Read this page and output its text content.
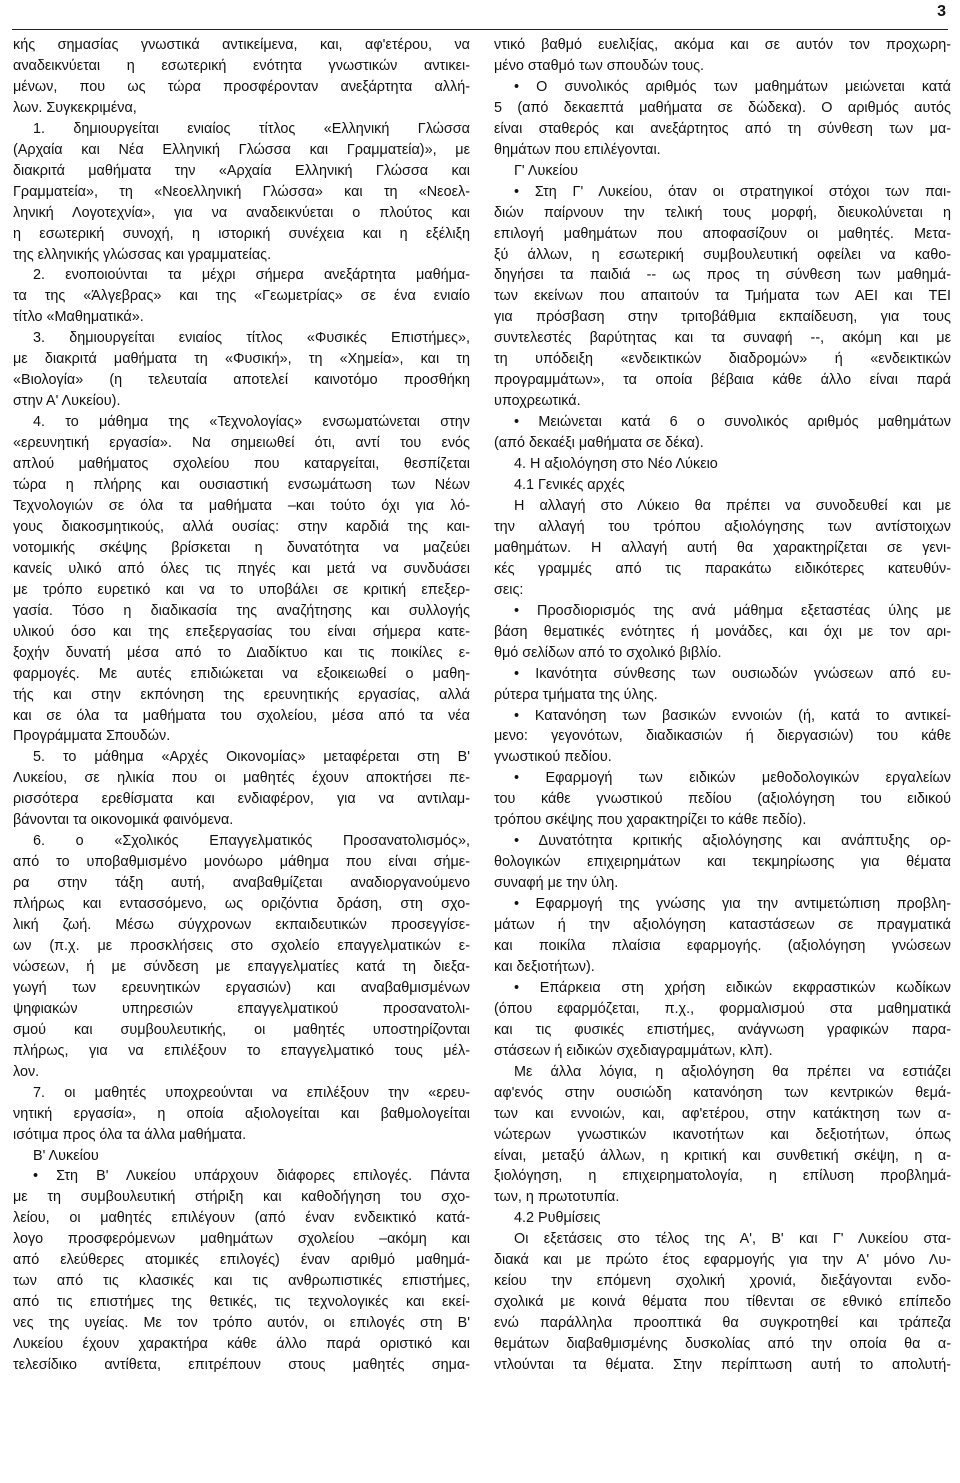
3
κής σημασίας γνωστικά αντικείμενα, και, αφ'ετέρου, να
αναδεικνύεται η εσωτερική ενότητα γνωστικών αντικει-
μένων, που ως τώρα προσφέρονταν ανεξάρτητα αλλή-
λων. Συγκεκριμένα,
1. δημιουργείται ενιαίος τίτλος «Ελληνική Γλώσσα
(Αρχαία και Νέα Ελληνική Γλώσσα και Γραμματεία)», με
διακριτά μαθήματα την «Αρχαία Ελληνική Γλώσσα και
Γραμματεία», τη «Νεοελληνική Γλώσσα» και τη «Νεοελ-
ληνική Λογοτεχνία», για να αναδεικνύεται ο πλούτος και
η εσωτερική συνοχή, η ιστορική συνέχεια και η εξέλιξη
της ελληνικής γλώσσας και γραμματείας.
2. ενοποιούνται τα μέχρι σήμερα ανεξάρτητα μαθήμα-
τα της «Άλγεβρας» και της «Γεωμετρίας» σε ένα ενιαίο
τίτλο «Μαθηματικά».
3. δημιουργείται ενιαίος τίτλος «Φυσικές Επιστήμες»,
με διακριτά μαθήματα τη «Φυσική», τη «Χημεία», και τη
«Βιολογία» (η τελευταία αποτελεί καινοτόμο προσθήκη
στην Α' Λυκείου).
4. το μάθημα της «Τεχνολογίας» ενσωματώνεται στην
«ερευνητική εργασία». Να σημειωθεί ότι, αντί του ενός
απλού μαθήματος σχολείου που καταργείται, θεσπίζεται
τώρα η πλήρης και ουσιαστική ενσωμάτωση των Νέων
Τεχνολογιών σε όλα τα μαθήματα –και τούτο όχι για λό-
γους διακοσμητικούς, αλλά ουσίας: στην καρδιά της και-
νοτομικής σκέψης βρίσκεται η δυνατότητα να μαζεύει
κανείς υλικό από όλες τις πηγές και μετά να συνδυάσει
με τρόπο ευρετικό και να το υποβάλει σε κριτική επεξερ-
γασία. Τόσο η διαδικασία της αναζήτησης και συλλογής
υλικού όσο και της επεξεργασίας του είναι σήμερα κατε-
ξοχήν δυνατή μέσα από το Διαδίκτυο και τις ποικίλες ε-
φαρμογές. Με αυτές επιδιώκεται να εξοικειωθεί ο μαθη-
τής και στην εκπόνηση της ερευνητικής εργασίας, αλλά
και σε όλα τα μαθήματα του σχολείου, μέσα από τα νέα
Προγράμματα Σπουδών.
5. το μάθημα «Αρχές Οικονομίας» μεταφέρεται στη Β'
Λυκείου, σε ηλικία που οι μαθητές έχουν αποκτήσει πε-
ρισσότερα ερεθίσματα και ενδιαφέρον, για να αντιλαμ-
βάνονται τα οικονομικά φαινόμενα.
6. ο «Σχολικός Επαγγελματικός Προσανατολισμός»,
από το υποβαθμισμένο μονόωρο μάθημα που είναι σήμε-
ρα στην τάξη αυτή, αναβαθμίζεται αναδιοργανούμενο
πλήρως και εντασσόμενο, ως οριζόντια δράση, στη σχο-
λική ζωή. Μέσω σύγχρονων εκπαιδευτικών προσεγγίσε-
ων (π.χ. με προσκλήσεις στο σχολείο επαγγελματικών ε-
νώσεων, ή με σύνδεση με επαγγελματίες κατά τη διεξα-
γωγή των ερευνητικών εργασιών) και αναβαθμισμένων
ψηφιακών υπηρεσιών επαγγελματικού προσανατολι-
σμού και συμβουλευτικής, οι μαθητές υποστηρίζονται
πλήρως, για να επιλέξουν το επαγγελματικό τους μέλ-
λον.
7. οι μαθητές υποχρεούνται να επιλέξουν την «ερευ-
νητική εργασία», η οποία αξιολογείται και βαθμολογείται
ισότιμα προς όλα τα άλλα μαθήματα.
Β' Λυκείου
• Στη Β' Λυκείου υπάρχουν διάφορες επιλογές. Πάντα
με τη συμβουλευτική στήριξη και καθοδήγηση του σχο-
λείου, οι μαθητές επιλέγουν (από έναν ενδεικτικό κατά-
λογο προσφερόμενων μαθημάτων σχολείου –ακόμη και
από ελεύθερες ατομικές επιλογές) έναν αριθμό μαθημά-
των από τις κλασικές και τις ανθρωπιστικές επιστήμες,
από τις επιστήμες της θετικές, τις τεχνολογικές και εκεί-
νες της υγείας. Με τον τρόπο αυτόν, οι επιλογές στη Β'
Λυκείου έχουν χαρακτήρα κάθε άλλο παρά οριστικό και
τελεσίδικο αντίθετα, επιτρέπουν στους μαθητές σημα-
ντικό βαθμό ευελιξίας, ακόμα και σε αυτόν τον προχωρη-
μένο σταθμό των σπουδών τους.
• Ο συνολικός αριθμός των μαθημάτων μειώνεται κατά
5 (από δεκαεπτά μαθήματα σε δώδεκα). Ο αριθμός αυτός
είναι σταθερός και ανεξάρτητος από τη σύνθεση των μα-
θημάτων που επιλέγονται.
Γ' Λυκείου
• Στη Γ' Λυκείου, όταν οι στρατηγικοί στόχοι των παι-
διών παίρνουν την τελική τους μορφή, διευκολύνεται η
επιλογή μαθημάτων που αποφασίζουν οι μαθητές. Μετα-
ξύ άλλων, η εσωτερική συμβουλευτική οφείλει να καθο-
δηγήσει τα παιδιά -- ως προς τη σύνθεση των μαθημά-
των εκείνων που απαιτούν τα Τμήματα των ΑΕΙ και ΤΕΙ
για πρόσβαση στην τριτοβάθμια εκπαίδευση, για τους
συντελεστές βαρύτητας και τα συναφή --, ακόμη και με
τη υπόδειξη «ενδεικτικών διαδρομών» ή «ενδεικτικών
προγραμμάτων», τα οποία βέβαια κάθε άλλο είναι παρά
υποχρεωτικά.
• Μειώνεται κατά 6 ο συνολικός αριθμός μαθημάτων
(από δεκαέξι μαθήματα σε δέκα).
4. Η αξιολόγηση στο Νέο Λύκειο
4.1 Γενικές αρχές
Η αλλαγή στο Λύκειο θα πρέπει να συνοδευθεί και με
την αλλαγή του τρόπου αξιολόγησης των αντίστοιχων
μαθημάτων. Η αλλαγή αυτή θα χαρακτηρίζεται σε γενι-
κές γραμμές από τις παρακάτω ειδικότερες κατευθύν-
σεις:
• Προσδιορισμός της ανά μάθημα εξεταστέας ύλης με
βάση θεματικές ενότητες ή μονάδες, και όχι με τον αρι-
θμό σελίδων από το σχολικό βιβλίο.
• Ικανότητα σύνθεσης των ουσιωδών γνώσεων από ευ-
ρύτερα τμήματα της ύλης.
• Κατανόηση των βασικών εννοιών (ή, κατά το αντικεί-
μενο: γεγονότων, διαδικασιών ή διεργασιών) του κάθε
γνωστικού πεδίου.
• Εφαρμογή των ειδικών μεθοδολογικών εργαλείων
του κάθε γνωστικού πεδίου (αξιολόγηση του ειδικού
τρόπου σκέψης που χαρακτηρίζει το κάθε πεδίο).
• Δυνατότητα κριτικής αξιολόγησης και ανάπτυξης ορ-
θολογικών επιχειρημάτων και τεκμηρίωσης για θέματα
συναφή με την ύλη.
• Εφαρμογή της γνώσης για την αντιμετώπιση προβλη-
μάτων ή την αξιολόγηση καταστάσεων σε πραγματικά
και ποικίλα πλαίσια εφαρμογής. (αξιολόγηση γνώσεων
και δεξιοτήτων).
• Επάρκεια στη χρήση ειδικών εκφραστικών κωδίκων
(όπου εφαρμόζεται, π.χ., φορμαλισμού στα μαθηματικά
και τις φυσικές επιστήμες, ανάγνωση γραφικών παρα-
στάσεων ή ειδικών σχεδιαγραμμάτων, κλπ).
Με άλλα λόγια, η αξιολόγηση θα πρέπει να εστιάζει
αφ'ενός στην ουσιώδη κατανόηση των κεντρικών θεμά-
των και εννοιών, και, αφ'ετέρου, στην κατάκτηση των α-
νώτερων γνωστικών ικανοτήτων και δεξιοτήτων, όπως
είναι, μεταξύ άλλων, η κριτική και συνθετική σκέψη, η α-
ξιολόγηση, η επιχειρηματολογία, η επίλυση προβλημά-
των, η πρωτοτυπία.
4.2 Ρυθμίσεις
Οι εξετάσεις στο τέλος της Α', Β' και Γ' Λυκείου στα-
διακά και με πρώτο έτος εφαρμογής για την Α' μόνο Λυ-
κείου την επόμενη σχολική χρονιά, διεξάγονται ενδο-
σχολικά με κοινά θέματα που τίθενται σε εθνικό επίπεδο
ενώ παράλληλα προοπτικά θα συγκροτηθεί και τράπεζα
θεμάτων διαβαθμισμένης δυσκολίας από την οποία θα α-
ντλούνται τα θέματα. Στην περίπτωση αυτή το απολυτή-
